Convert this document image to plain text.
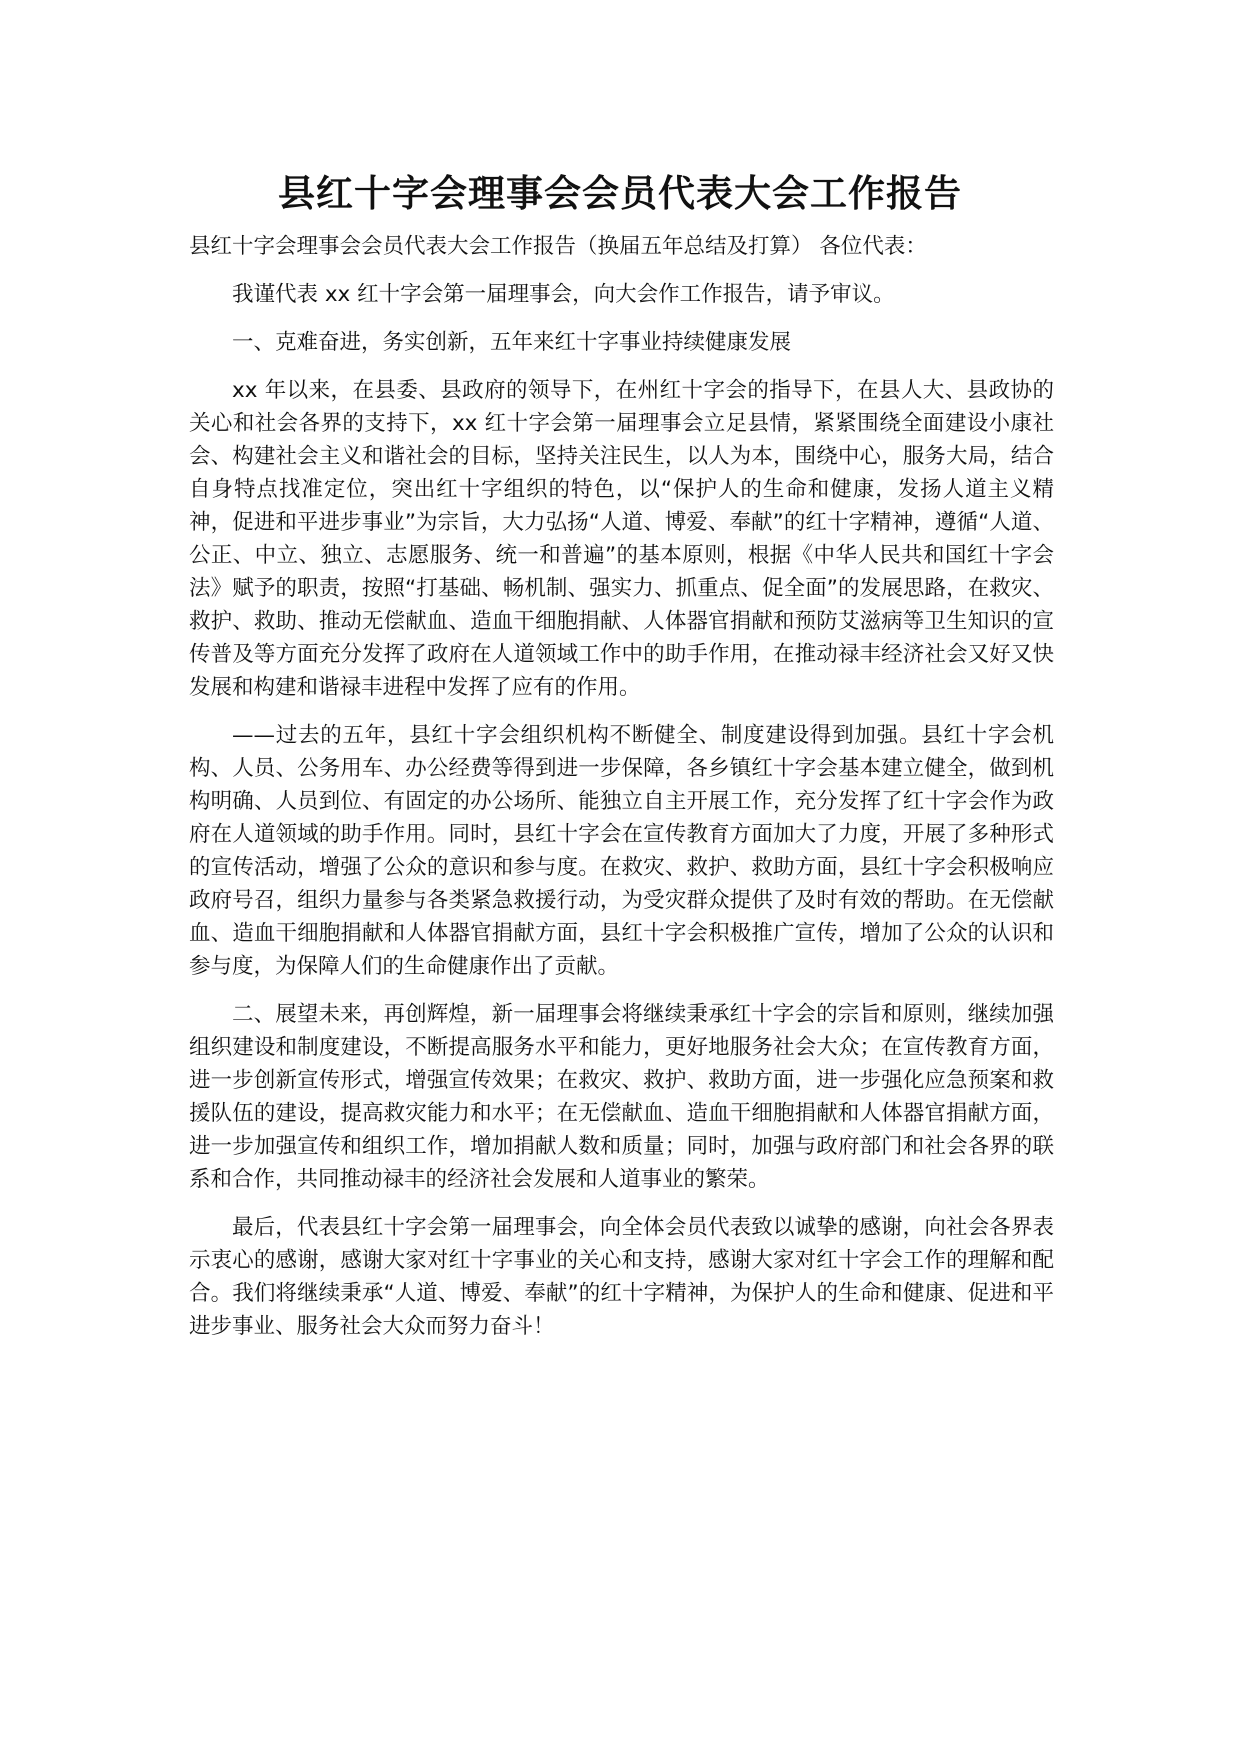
县红十字会理事会会员代表大会工作报告

县红十字会理事会会员代表大会工作报告（换届五年总结及打算） 各位代表：

我谨代表 xx 红十字会第一届理事会，向大会作工作报告，请予审议。

一、克难奋进，务实创新，五年来红十字事业持续健康发展

xx 年以来，在县委、县政府的领导下，在州红十字会的指导下，在县人大、县政协的关心和社会各界的支持下，xx 红十字会第一届理事会立足县情，紧紧围绕全面建设小康社会、构建社会主义和谐社会的目标，坚持关注民生，以人为本，围绕中心，服务大局，结合自身特点找准定位，突出红十字组织的特色，以“保护人的生命和健康，发扬人道主义精神，促进和平进步事业”为宗旨，大力弘扬“人道、博爱、奉献”的红十字精神，遵循“人道、公正、中立、独立、志愿服务、统一和普遍”的基本原则，根据《中华人民共和国红十字会法》赋予的职责，按照“打基础、畅机制、强实力、抓重点、促全面”的发展思路，在救灾、救护、救助、推动无偿献血、造血干细胞捐献、人体器官捐献和预防艾滋病等卫生知识的宣传普及等方面充分发挥了政府在人道领域工作中的助手作用，在推动禄丰经济社会又好又快发展和构建和谐禄丰进程中发挥了应有的作用。

——过去的五年，县红十字会组织机构不断健全、制度建设得到加强。县红十字会机构、人员、公务用车、办公经费等得到进一步保障，各乡镇红十字会基本建立健全，做到机构明确、人员到位、有固定的办公场所、能独立自主开展工作，充分发挥了红十字会作为政府在人道领域的助手作用。同时，县红十字会在宣传教育方面加大了力度，开展了多种形式的宣传活动，增强了公众的意识和参与度。在救灾、救护、救助方面，县红十字会积极响应政府号召，组织力量参与各类紧急救援行动，为受灾群众提供了及时有效的帮助。在无偿献血、造血干细胞捐献和人体器官捐献方面，县红十字会积极推广宣传，增加了公众的认识和参与度，为保障人们的生命健康作出了贡献。

二、展望未来，再创辉煌，新一届理事会将继续秉承红十字会的宗旨和原则，继续加强组织建设和制度建设，不断提高服务水平和能力，更好地服务社会大众；在宣传教育方面，进一步创新宣传形式，增强宣传效果；在救灾、救护、救助方面，进一步强化应急预案和救援队伍的建设，提高救灾能力和水平；在无偿献血、造血干细胞捐献和人体器官捐献方面，进一步加强宣传和组织工作，增加捐献人数和质量；同时，加强与政府部门和社会各界的联系和合作，共同推动禄丰的经济社会发展和人道事业的繁荣。

最后，代表县红十字会第一届理事会，向全体会员代表致以诚挚的感谢，向社会各界表示衷心的感谢，感谢大家对红十字事业的关心和支持，感谢大家对红十字会工作的理解和配合。我们将继续秉承“人道、博爱、奉献”的红十字精神，为保护人的生命和健康、促进和平进步事业、服务社会大众而努力奋斗！
